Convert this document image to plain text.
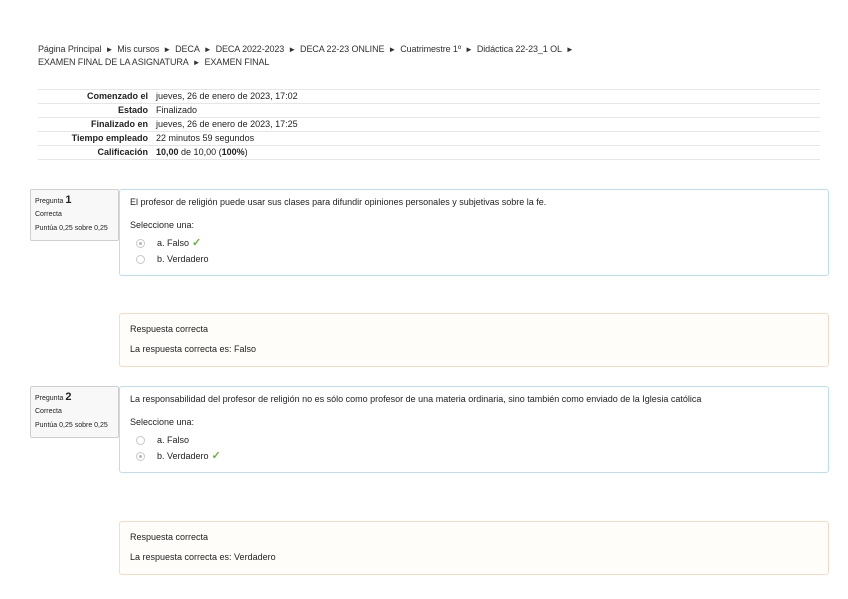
Página Principal ► Mis cursos ► DECA ► DECA 2022-2023 ► DECA 22-23 ONLINE ► Cuatrimestre 1º ► Didáctica 22-23_1 OL ►
EXAMEN FINAL DE LA ASIGNATURA ► EXAMEN FINAL
Comenzado el	jueves, 26 de enero de 2023, 17:02
Estado	Finalizado
Finalizado en	jueves, 26 de enero de 2023, 17:25
Tiempo empleado	22 minutos 59 segundos
Calificación	10,00 de 10,00 (100%)
Pregunta 1
Correcta
Puntúa 0,25 sobre 0,25
El profesor de religión puede usar sus clases para difundir opiniones personales y subjetivas sobre la fe.
Seleccione una:
a. Falso ✓
b. Verdadero
Respuesta correcta
La respuesta correcta es: Falso
Pregunta 2
Correcta
Puntúa 0,25 sobre 0,25
La responsabilidad del profesor de religión no es sólo como profesor de una materia ordinaria, sino también como enviado de la Iglesia católica
Seleccione una:
a. Falso
b. Verdadero ✓
Respuesta correcta
La respuesta correcta es: Verdadero
